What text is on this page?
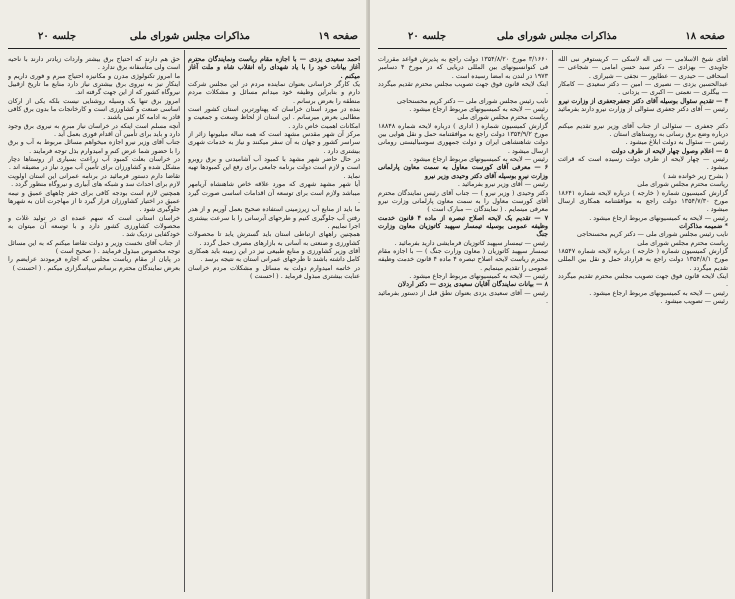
صفحه ۱۹
مذاکرات مجلس شورای ملی
جلسه ۲۰

حق هم دارند که احتیاج برق بیشتر واردات زیادتر دارند با ناحیه است ولی متأسفانه برق ندارد .

ما امروز تکنولوژی مدرن و مکانیزه احتیاج مبرم و فوری داریم و اینکار نیز به نیروی برق بیشتری نیاز دارد منابع ما تاریخ ازقبیل نیروگاه کشور که از این جهت گرفته اند.

امروز برق تنها یک وسیله روشنایی نیست بلکه یکی از ارکان اساسی صنعت و کشاورزی است و کارخانجات ما بدون برق کافی قادر به ادامه کار نمی باشند .

آنچه مسلم است اینکه در خراسان نیاز مبرم به نیروی برق وجود دارد و باید برای تأمین آن اقدام فوری بعمل آید .

جناب آقای وزیر نیرو اجازه میخواهم مسائل مربوط به آب و برق را با حضور شما عرض کنم و امیدوارم بذل توجه فرمایند .

در خراسان بعلت کمبود آب زراعت بسیاری از روستاها دچار مشکل شده و کشاورزان برای تأمین آب مورد نیاز در مضیقه اند .

تقاضا دارم دستور فرمائید در برنامه عمرانی این استان اولویت لازم برای احداث سد و شبکه های آبیاری و نیروگاه منظور گردد .

همچنین لازم است بودجه کافی برای حفر چاههای عمیق و نیمه عمیق در اختیار کشاورزان قرار گیرد تا از مهاجرت آنان به شهرها جلوگیری شود .

خراسان استانی است که سهم عمده ای در تولید غلات و محصولات کشاورزی کشور دارد و با توسعه آن میتوان به خودکفایی نزدیک شد .

از جناب آقای نخست وزیر و دولت تقاضا میکنم که به این مسائل توجه مخصوص مبذول فرمایند . ( صحیح است )

در پایان از مقام ریاست مجلس که اجازه فرمودند عرایضم را بعرض نمایندگان محترم برسانم سپاسگزاری میکنم . ( احسنت )

احمد سعیدی یزدی — با اجازه مقام ریاست ونمایندگان محترم آغاز بیانات خود را با یاد شهدای راه انقلاب شاه و ملت آغاز میکنم .

یک کارگر خراسانی بعنوان نماینده مردم در این مجلس شرکت دارم و بنابراین وظیفه خود میدانم مسائل و مشکلات مردم منطقه را بعرض برسانم .

بنده در مورد استان خراسان که پهناورترین استان کشور است مطالبی بعرض میرسانم . این استان از لحاظ وسعت و جمعیت و امکانات اهمیت خاص دارد .

مرکز آن شهر مقدس مشهد است که همه ساله میلیونها زائر از سراسر کشور و جهان به آن سفر میکنند و نیاز به خدمات شهری بیشتری دارد .

در حال حاضر شهر مشهد با کمبود آب آشامیدنی و برق روبرو است و لازم است دولت برنامه جامعی برای رفع این کمبودها تهیه نماید .

آیا شهر مشهد شهری که مورد علاقه خاص شاهنشاه آریامهر میباشد ولازم است برای توسعه آن اقدامات اساسی صورت گیرد .

ما باید از منابع آب زیرزمینی استفاده صحیح بعمل آوریم و از هدر رفتن آب جلوگیری کنیم و طرحهای آبرسانی را با سرعت بیشتری اجرا نماییم .

همچنین راههای ارتباطی استان باید گسترش یابد تا محصولات کشاورزی و صنعتی به آسانی به بازارهای مصرف حمل گردد .

آقای وزیر کشاورزی و منابع طبیعی نیز در این زمینه باید همکاری کامل داشته باشند تا طرحهای عمرانی استان به نتیجه برسد .

در خاتمه امیدوارم دولت به مسائل و مشکلات مردم خراسان عنایت بیشتری مبذول فرماید . ( احسنت )

صفحه ۱۸
مذاکرات مجلس شورای ملی
جلسه ۲۰

آقای شیخ الاسلامی — نبی اله لاسکی — کریستوفر نبی الله جاویدی — بهزادی — دکتر سید حسن امامی — شجاعی — اسحاقی — حیدری — عطاپور — نجفی — شیرازی .

عبدالحسین یزدی — نصیری — امین — دکتر سعیدی — کامکار — بیگلری — نعمتی — اکبری — یزدانی .

۴ — تقدیم سئوال بوسیله آقای دکتر جعفرجعفری از وزارت نیرو

رئیس — آقای دکتر جعفری سئوالی از وزارت نیرو دارند بفرمائید .

دکتر جعفری — سئوالی از جناب آقای وزیر نیرو تقدیم میکنم درباره وضع برق رسانی به روستاهای استان .

رئیس — سئوال به دولت ابلاغ میشود .

۵ — اعلام وصول چهار لایحه از طرف دولت

رئیس — چهار لایحه از طرف دولت رسیده است که قرائت میشود .

( بشرح زیر خوانده شد )

ریاست محترم مجلس شورای ملی

گزارش کمیسیون شماره ( خارجه ) درباره لایحه شماره ۱۸۶۴۱ مورخ ۱۳۵۴/۷/۳۰ دولت راجع به موافقتنامه همکاری ارسال میشود .

رئیس — لایحه به کمیسیونهای مربوط ارجاع میشود .

* ضمیمه مذاکرات

نایب رئیس مجلس شورای ملی — دکتر کریم محسنحاجی

ریاست محترم مجلس شورای ملی

گزارش کمیسیون شماره ( خارجه ) درباره لایحه شماره ۱۸۵۴۷ مورخ ۱۳۵۴/۸/۱ دولت راجع به قرارداد حمل و نقل بین المللی تقدیم میگردد .

اینک لایحه قانون فوق جهت تصویب مجلس محترم تقدیم میگردد .

رئیس — لایحه به کمیسیونهای مربوط ارجاع میشود .

رئیس — تصویب میشود .

۳/۱۶۶۰ مورخ ۱۳۵۴/۸/۲۰ دولت راجع به پذیرش قواعد مقررات فی کنوانسیونهای بین المللی دریایی که در مورخ ۴ دسامبر ۱۹۷۳ در لندن به امضا رسیده است .

اینک لایحه قانون فوق جهت تصویب مجلس محترم تقدیم میگردد .

نایب رئیس مجلس شورای ملی — دکتر کریم محسنحاجی

رئیس — لایحه به کمیسیونهای مربوط ارجاع میشود .

ریاست محترم مجلس شورای ملی

گزارش کمیسیون شماره ( اداری ) درباره لایحه شماره ۱۸۸۴۸ مورخ ۱۳۵۴/۹/۲ دولت راجع به موافقتنامه حمل و نقل هوایی بین دولت شاهنشاهی ایران و دولت جمهوری سوسیالیستی رومانی ارسال میشود .

رئیس — لایحه به کمیسیونهای مربوط ارجاع میشود .

۶ — معرفی آقای کورست معاول به سمت معاون پارلمانی وزارت نیرو بوسیله آقای دکتر وحیدی وزیر نیرو

رئیس — آقای وزیر نیرو بفرمائید .

دکتر وحیدی ( وزیر نیرو ) — جناب آقای رئیس نمایندگان محترم آقای کورست معاول را به سمت معاون پارلمانی وزارت نیرو معرفی مینمایم . ( نمایندگان — مبارک است )

۷ — تقدیم یک لایحه اصلاح تبصره از ماده ۴ قانون خدمت وظیفه عمومی بوسیله تیمسار سپهبد کاتوزیان معاون وزارت جنگ

رئیس — تیمسار سپهبد کاتوزیان فرمایشی دارید بفرمائید .

تیمسار سپهبد کاتوزیان ( معاون وزارت جنگ ) — با اجازه مقام محترم ریاست لایحه اصلاح تبصره ۴ ماده ۴ قانون خدمت وظیفه عمومی را تقدیم مینمایم .

رئیس — لایحه به کمیسیونهای مربوط ارجاع میشود .

۸ — بیانات نمایندگان آقایان سعیدی یزدی — دکتر اردلان

رئیس — آقای سعیدی یزدی بعنوان نطق قبل از دستور بفرمائید .
